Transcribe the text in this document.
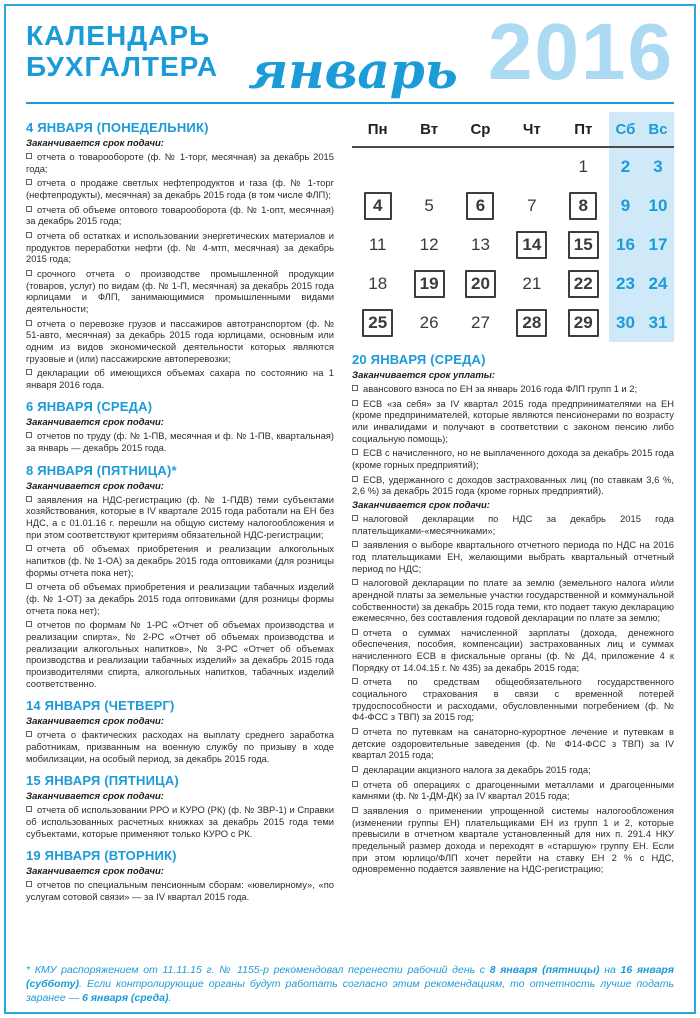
КАЛЕНДАРЬ
БУХГАЛТЕРА январь 2016
4 ЯНВАРЯ (ПОНЕДЕЛЬНИК)
Заканчивается срок подачи:
отчета о товарообороте (ф. № 1-торг, месячная) за декабрь 2015 года;
отчета о продаже светлых нефтепродуктов и газа (ф. № 1-торг (нефтепродукты), месячная) за декабрь 2015 года (в том числе ФЛП);
отчета об объеме оптового товарооборота (ф. № 1-опт, месячная) за декабрь 2015 года;
отчета об остатках и использовании энергетических материалов и продуктов переработки нефти (ф. № 4-мтп, месячная) за декабрь 2015 года;
срочного отчета о производстве промышленной продукции (товаров, услуг) по видам (ф. № 1-П, месячная) за декабрь 2015 года юрлицами и ФЛП, занимающимися промышленными видами деятельности;
отчета о перевозке грузов и пассажиров автотранспортом (ф. № 51-авто, месячная) за декабрь 2015 года юрлицами, основным или одним из видов экономической деятельности которых являются грузовые и (или) пассажирские автоперевозки;
декларации об имеющихся объемах сахара по состоянию на 1 января 2016 года.
6 ЯНВАРЯ (СРЕДА)
Заканчивается срок подачи:
отчетов по труду (ф. № 1-ПВ, месячная и ф. № 1-ПВ, квартальная) за январь — декабрь 2015 года.
8 ЯНВАРЯ (ПЯТНИЦА)*
Заканчивается срок подачи:
заявления на НДС-регистрацию (ф. № 1-ПДВ) теми субъектами хозяйствования, которые в IV квартале 2015 года работали на ЕН без НДС, а с 01.01.16 г. перешли на общую систему налогообложения и при этом соответствуют критериям обязательной НДС-регистрации;
отчета об объемах приобретения и реализации алкогольных напитков (ф. № 1-ОА) за декабрь 2015 года оптовиками (для розницы формы отчета пока нет);
отчета об объемах приобретения и реализации табачных изделий (ф. № 1-ОТ) за декабрь 2015 года оптовиками (для розницы формы отчета пока нет);
отчетов по формам № 1-РС «Отчет об объемах производства и реализации спирта», № 2-РС «Отчет об объемах производства и реализации алкогольных напитков», № 3-РС «Отчет об объемах производства и реализации табачных изделий» за декабрь 2015 года производителями спирта, алкогольных напитков, табачных изделий соответственно.
14 ЯНВАРЯ (ЧЕТВЕРГ)
Заканчивается срок подачи:
отчета о фактических расходах на выплату среднего заработка работникам, призванным на военную службу по призыву в ходе мобилизации, на особый период, за декабрь 2015 года.
15 ЯНВАРЯ (ПЯТНИЦА)
Заканчивается срок подачи:
отчета об использовании РРО и КУРО (РК) (ф. № ЗВР-1) и Справки об использованных расчетных книжках за декабрь 2015 года теми субъектами, которые применяют только КУРО с РК.
19 ЯНВАРЯ (ВТОРНИК)
Заканчивается срок подачи:
отчетов по специальным пенсионным сборам: «ювелирному», «по услугам сотовой связи» — за IV квартал 2015 года.
Пн	Вт	Ср	Чт	Пт	Сб	Вс
				1	2	3
4	5	6	7	8	9	10
11	12	13	14	15	16	17
18	19	20	21	22	23	24
25	26	27	28	29	30	31
20 ЯНВАРЯ (СРЕДА)
Заканчивается срок уплаты:
авансового взноса по ЕН за январь 2016 года ФЛП групп 1 и 2;
ЕСВ «за себя» за IV квартал 2015 года предпринимателями на ЕН (кроме предпринимателей, которые являются пенсионерами по возрасту или инвалидами и получают в соответствии с законом пенсию либо социальную помощь);
ЕСВ с начисленного, но не выплаченного дохода за декабрь 2015 года (кроме горных предприятий);
ЕСВ, удержанного с доходов застрахованных лиц (по ставкам 3,6 %, 2,6 %) за декабрь 2015 года (кроме горных предприятий).
Заканчивается срок подачи:
налоговой декларации по НДС за декабрь 2015 года плательщиками-«месячниками»;
заявления о выборе квартального отчетного периода по НДС на 2016 год плательщиками ЕН, желающими выбрать квартальный отчетный период по НДС;
налоговой декларации по плате за землю (земельного налога и/или арендной платы за земельные участки государственной и коммунальной собственности) за декабрь 2015 года теми, кто подает такую декларацию ежемесячно, без составления годовой декларации по плате за землю;
отчета о суммах начисленной зарплаты (дохода, денежного обеспечения, пособия, компенсации) застрахованных лиц и суммах начисленного ЕСВ в фискальные органы (ф. № Д4, приложение 4 к Порядку от 14.04.15 г. № 435) за декабрь 2015 года;
отчета по средствам общеобязательного государственного социального страхования в связи с временной потерей трудоспособности и расходами, обусловленными погребением (ф. № Ф4-ФСС з ТВП) за 2015 год;
отчета по путевкам на санаторно-курортное лечение и путевкам в детские оздоровительные заведения (ф. № Ф14-ФСС з ТВП) за IV квартал 2015 года;
декларации акцизного налога за декабрь 2015 года;
отчета об операциях с драгоценными металлами и драгоценными камнями (ф. № 1-ДМ-ДК) за IV квартал 2015 года;
заявления о применении упрощенной системы налогообложения (изменении группы ЕН) плательщиками ЕН из групп 1 и 2, которые превысили в отчетном квартале установленный для них п. 291.4 НКУ предельный размер дохода и переходят в «старшую» группу ЕН. Если при этом юрлицо/ФЛП хочет перейти на ставку ЕН 2 % с НДС, одновременно подается заявление на НДС-регистрацию;
* КМУ распоряжением от 11.11.15 г. № 1155-р рекомендовал перенести рабочий день с 8 января (пятницы) на 16 января (субботу). Если контролирующие органы будут работать согласно этим рекомендациям, то отчетность лучше подать заранее — 6 января (среда).
